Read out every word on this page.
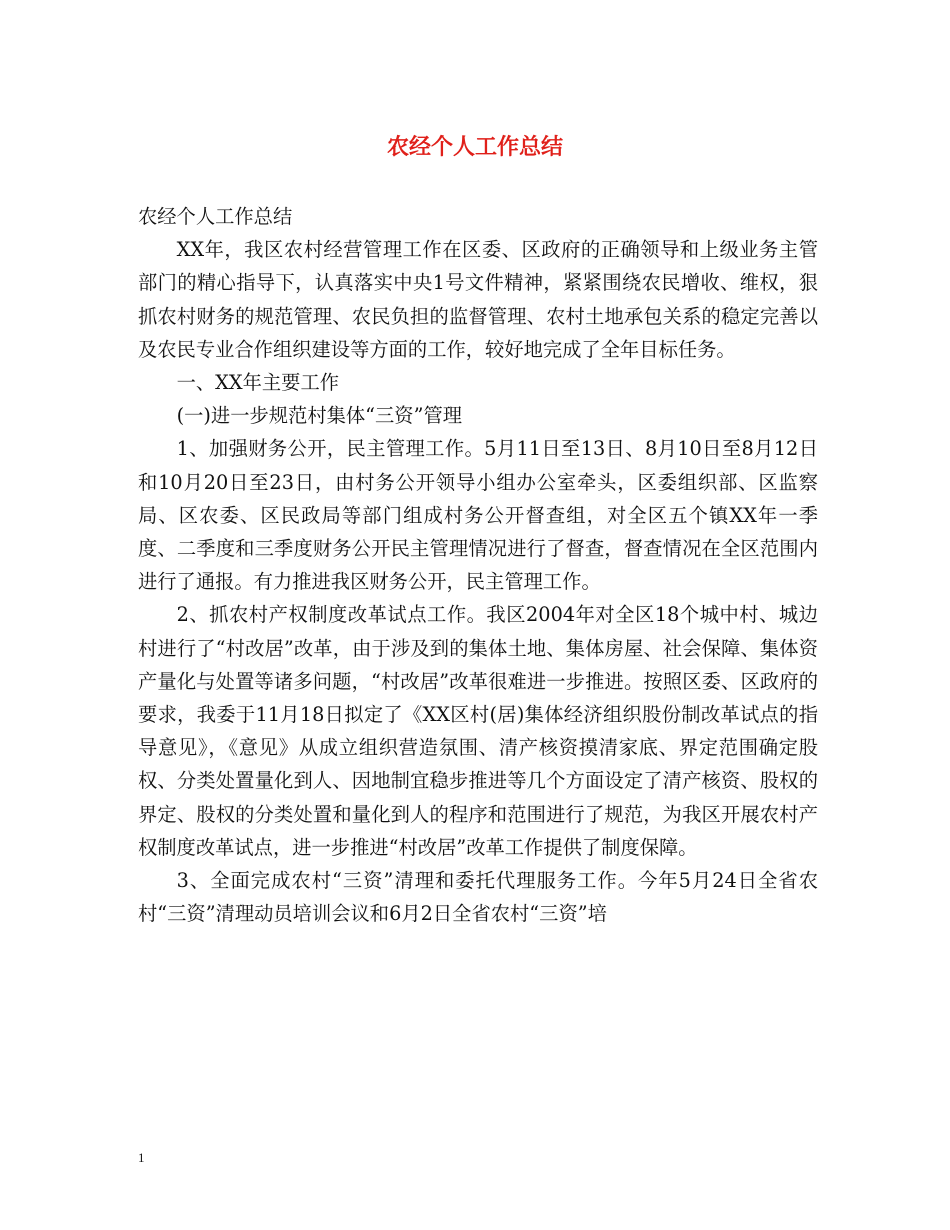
农经个人工作总结

农经个人工作总结

XX年，我区农村经营管理工作在区委、区政府的正确领导和上级业务主管部门的精心指导下，认真落实中央1号文件精神，紧紧围绕农民增收、维权，狠抓农村财务的规范管理、农民负担的监督管理、农村土地承包关系的稳定完善以及农民专业合作组织建设等方面的工作，较好地完成了全年目标任务。

一、XX年主要工作

(一)进一步规范村集体“三资”管理

1、加强财务公开，民主管理工作。5月11日至13日、8月10日至8月12日和10月20日至23日，由村务公开领导小组办公室牵头，区委组织部、区监察局、区农委、区民政局等部门组成村务公开督查组，对全区五个镇XX年一季度、二季度和三季度财务公开民主管理情况进行了督查，督查情况在全区范围内进行了通报。有力推进我区财务公开，民主管理工作。

2、抓农村产权制度改革试点工作。我区2004年对全区18个城中村、城边村进行了“村改居”改革，由于涉及到的集体土地、集体房屋、社会保障、集体资产量化与处置等诸多问题，“村改居”改革很难进一步推进。按照区委、区政府的要求，我委于11月18日拟定了《XX区村(居)集体经济组织股份制改革试点的指导意见》，《意见》从成立组织营造氛围、清产核资摸清家底、界定范围确定股权、分类处置量化到人、因地制宜稳步推进等几个方面设定了清产核资、股权的界定、股权的分类处置和量化到人的程序和范围进行了规范，为我区开展农村产权制度改革试点，进一步推进“村改居”改革工作提供了制度保障。

3、全面完成农村“三资”清理和委托代理服务工作。今年5月24日全省农村“三资”清理动员培训会议和6月2日全省农村“三资”培

1
